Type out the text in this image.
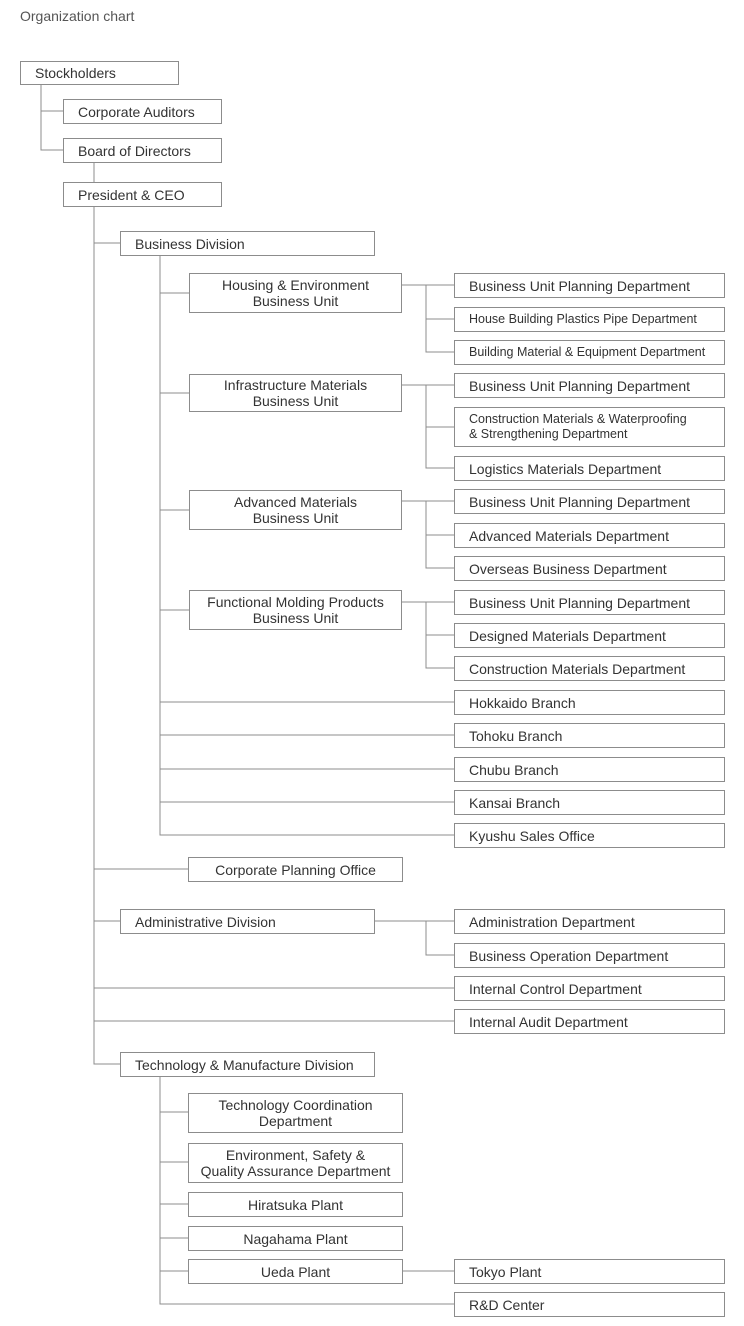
Organization chart
Stockholders
Corporate Auditors
Board of Directors
President & CEO
Business Division
Housing & Environment
Business Unit
Infrastructure Materials
Business Unit
Advanced Materials
Business Unit
Functional Molding Products
Business Unit
Business Unit Planning Department
House Building Plastics Pipe Department
Building Material & Equipment Department
Business Unit Planning Department
Construction Materials & Waterproofing
& Strengthening Department
Logistics Materials Department
Business Unit Planning Department
Advanced Materials Department
Overseas Business Department
Business Unit Planning Department
Designed Materials Department
Construction Materials Department
Hokkaido Branch
Tohoku Branch
Chubu Branch
Kansai Branch
Kyushu Sales Office
Corporate Planning Office
Administrative Division	Administration Department
Business Operation Department
Internal Control Department
Internal Audit Department
Technology & Manufacture Division
Technology Coordination
Department
Environment, Safety &
Quality Assurance Department
Hiratsuka Plant
Nagahama Plant
Ueda Plant	Tokyo Plant
R&D Center
